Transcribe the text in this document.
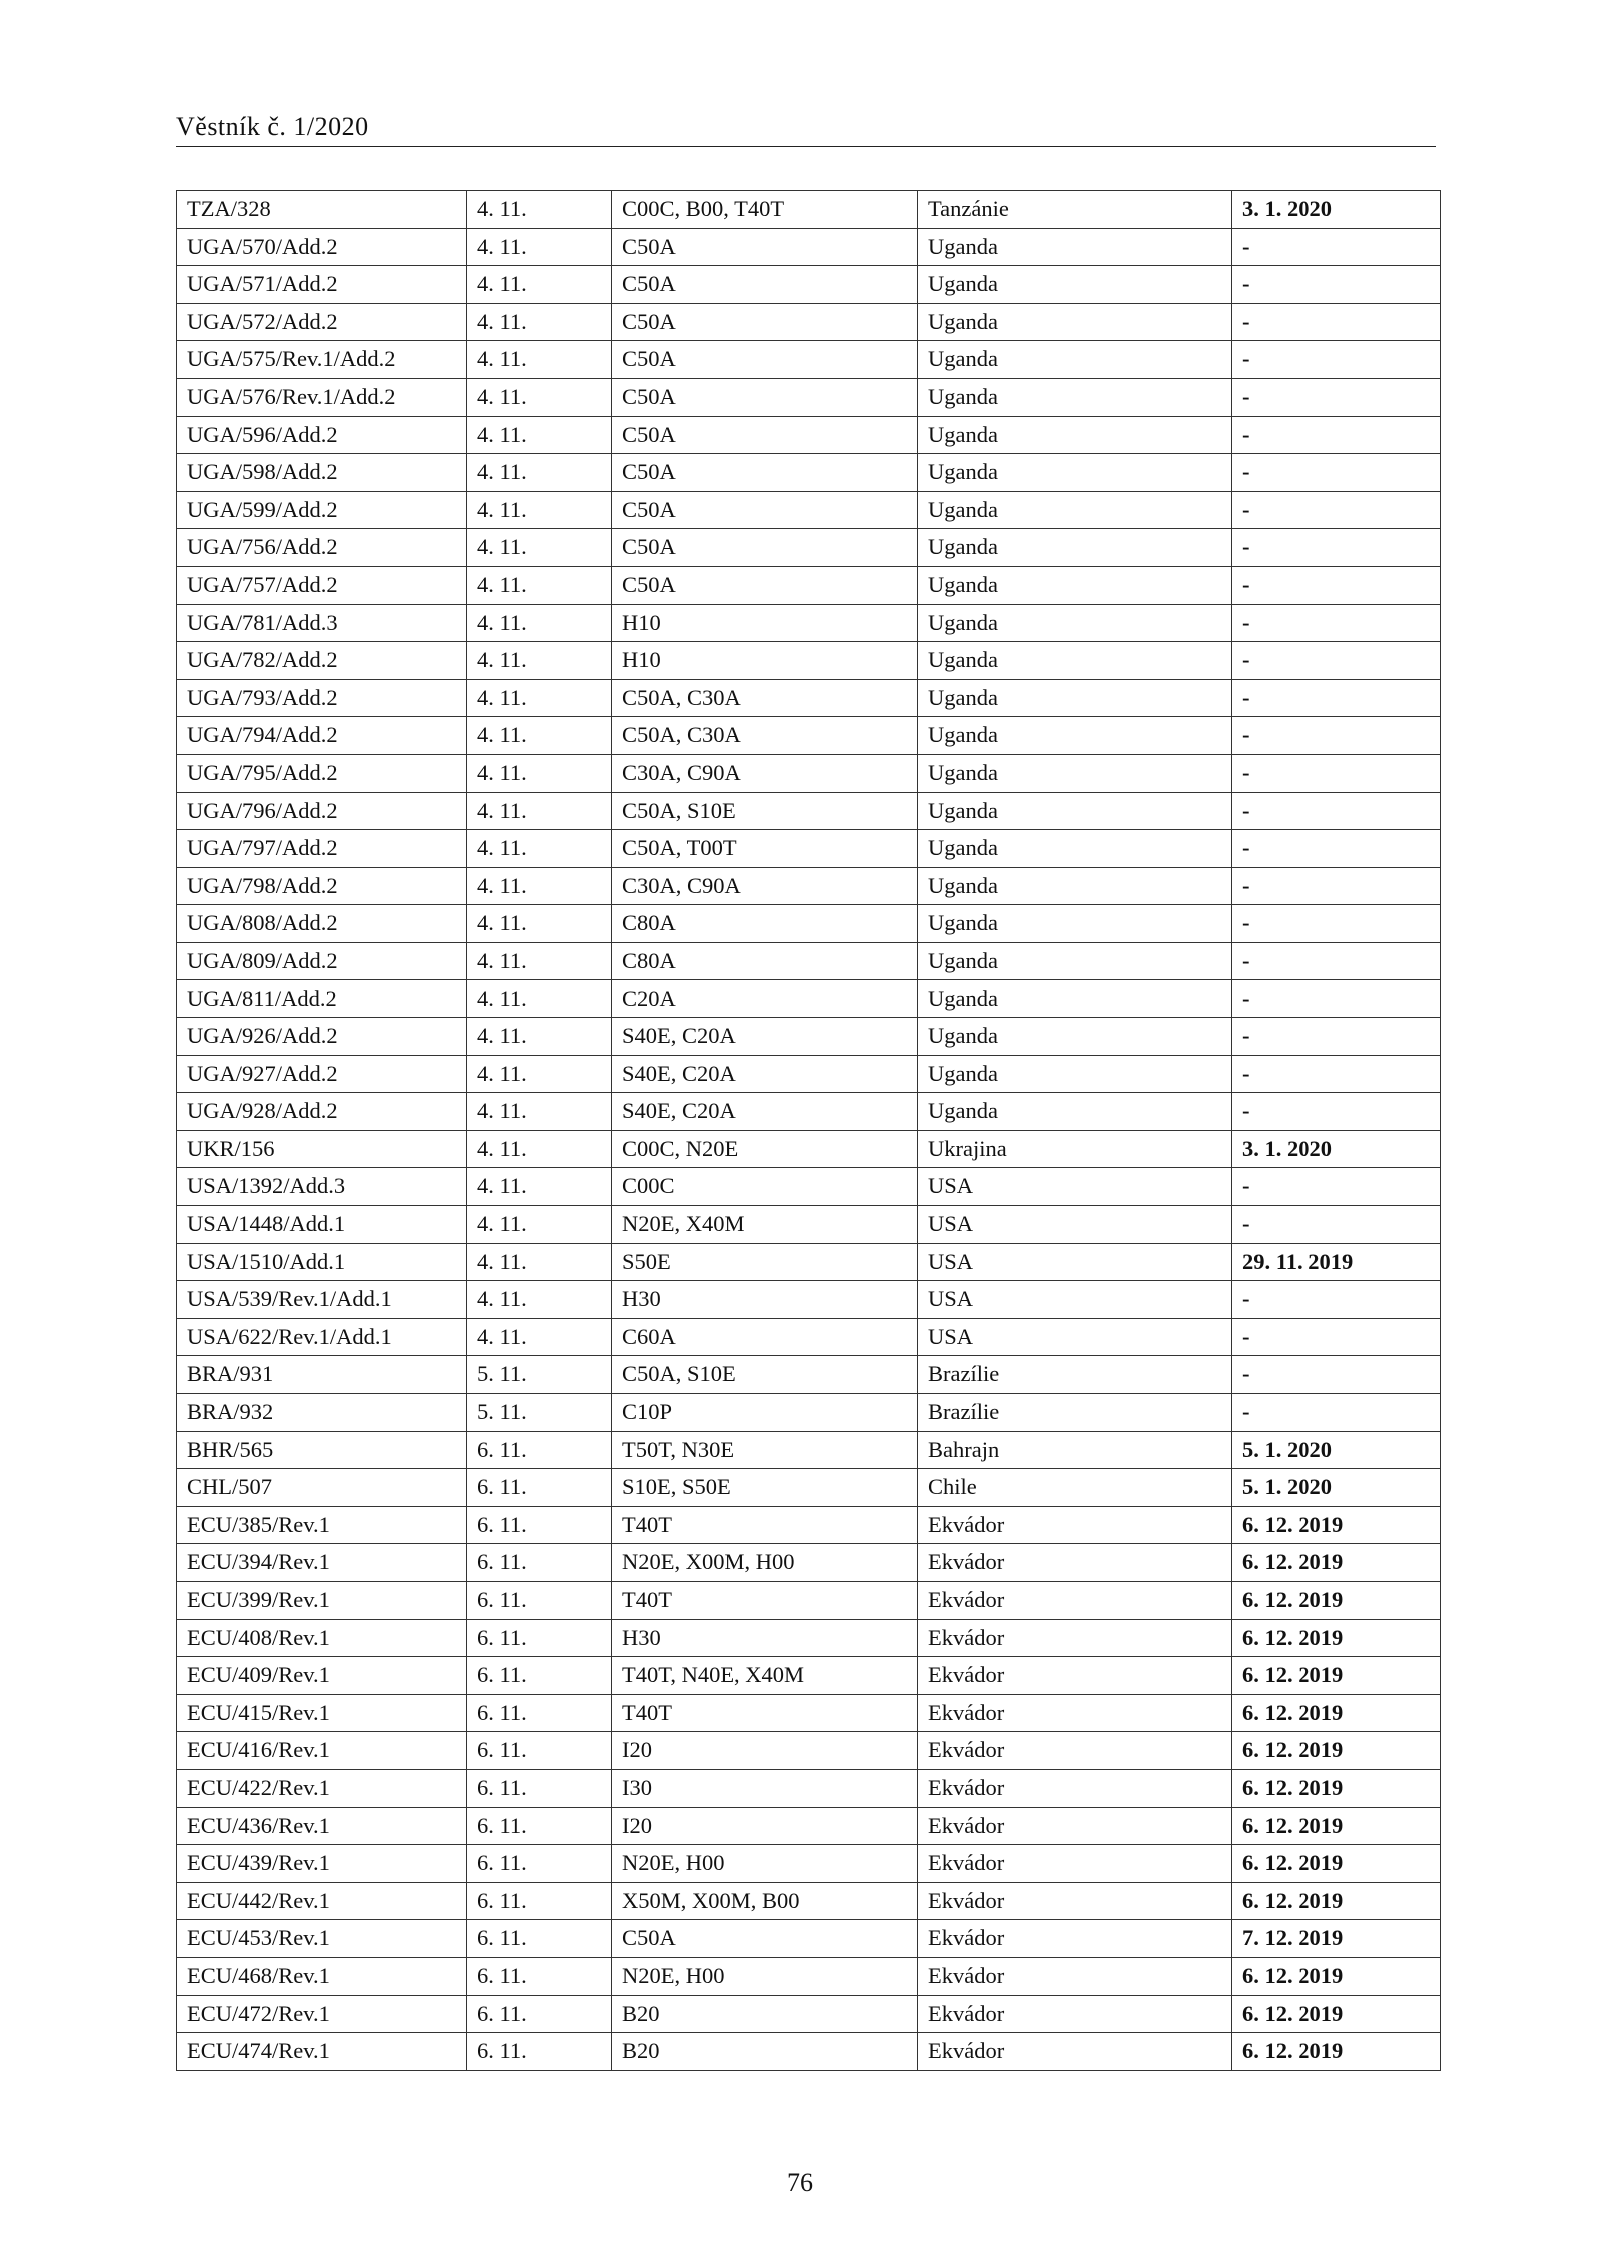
Věstník č. 1/2020
TZA/328	4. 11.	C00C, B00, T40T	Tanzánie	3. 1. 2020
UGA/570/Add.2	4. 11.	C50A	Uganda	-
UGA/571/Add.2	4. 11.	C50A	Uganda	-
UGA/572/Add.2	4. 11.	C50A	Uganda	-
UGA/575/Rev.1/Add.2	4. 11.	C50A	Uganda	-
UGA/576/Rev.1/Add.2	4. 11.	C50A	Uganda	-
UGA/596/Add.2	4. 11.	C50A	Uganda	-
UGA/598/Add.2	4. 11.	C50A	Uganda	-
UGA/599/Add.2	4. 11.	C50A	Uganda	-
UGA/756/Add.2	4. 11.	C50A	Uganda	-
UGA/757/Add.2	4. 11.	C50A	Uganda	-
UGA/781/Add.3	4. 11.	H10	Uganda	-
UGA/782/Add.2	4. 11.	H10	Uganda	-
UGA/793/Add.2	4. 11.	C50A, C30A	Uganda	-
UGA/794/Add.2	4. 11.	C50A, C30A	Uganda	-
UGA/795/Add.2	4. 11.	C30A, C90A	Uganda	-
UGA/796/Add.2	4. 11.	C50A, S10E	Uganda	-
UGA/797/Add.2	4. 11.	C50A, T00T	Uganda	-
UGA/798/Add.2	4. 11.	C30A, C90A	Uganda	-
UGA/808/Add.2	4. 11.	C80A	Uganda	-
UGA/809/Add.2	4. 11.	C80A	Uganda	-
UGA/811/Add.2	4. 11.	C20A	Uganda	-
UGA/926/Add.2	4. 11.	S40E, C20A	Uganda	-
UGA/927/Add.2	4. 11.	S40E, C20A	Uganda	-
UGA/928/Add.2	4. 11.	S40E, C20A	Uganda	-
UKR/156	4. 11.	C00C, N20E	Ukrajina	3. 1. 2020
USA/1392/Add.3	4. 11.	C00C	USA	-
USA/1448/Add.1	4. 11.	N20E, X40M	USA	-
USA/1510/Add.1	4. 11.	S50E	USA	29. 11. 2019
USA/539/Rev.1/Add.1	4. 11.	H30	USA	-
USA/622/Rev.1/Add.1	4. 11.	C60A	USA	-
BRA/931	5. 11.	C50A, S10E	Brazílie	-
BRA/932	5. 11.	C10P	Brazílie	-
BHR/565	6. 11.	T50T, N30E	Bahrajn	5. 1. 2020
CHL/507	6. 11.	S10E, S50E	Chile	5. 1. 2020
ECU/385/Rev.1	6. 11.	T40T	Ekvádor	6. 12. 2019
ECU/394/Rev.1	6. 11.	N20E, X00M, H00	Ekvádor	6. 12. 2019
ECU/399/Rev.1	6. 11.	T40T	Ekvádor	6. 12. 2019
ECU/408/Rev.1	6. 11.	H30	Ekvádor	6. 12. 2019
ECU/409/Rev.1	6. 11.	T40T, N40E, X40M	Ekvádor	6. 12. 2019
ECU/415/Rev.1	6. 11.	T40T	Ekvádor	6. 12. 2019
ECU/416/Rev.1	6. 11.	I20	Ekvádor	6. 12. 2019
ECU/422/Rev.1	6. 11.	I30	Ekvádor	6. 12. 2019
ECU/436/Rev.1	6. 11.	I20	Ekvádor	6. 12. 2019
ECU/439/Rev.1	6. 11.	N20E, H00	Ekvádor	6. 12. 2019
ECU/442/Rev.1	6. 11.	X50M, X00M, B00	Ekvádor	6. 12. 2019
ECU/453/Rev.1	6. 11.	C50A	Ekvádor	7. 12. 2019
ECU/468/Rev.1	6. 11.	N20E, H00	Ekvádor	6. 12. 2019
ECU/472/Rev.1	6. 11.	B20	Ekvádor	6. 12. 2019
ECU/474/Rev.1	6. 11.	B20	Ekvádor	6. 12. 2019
76
